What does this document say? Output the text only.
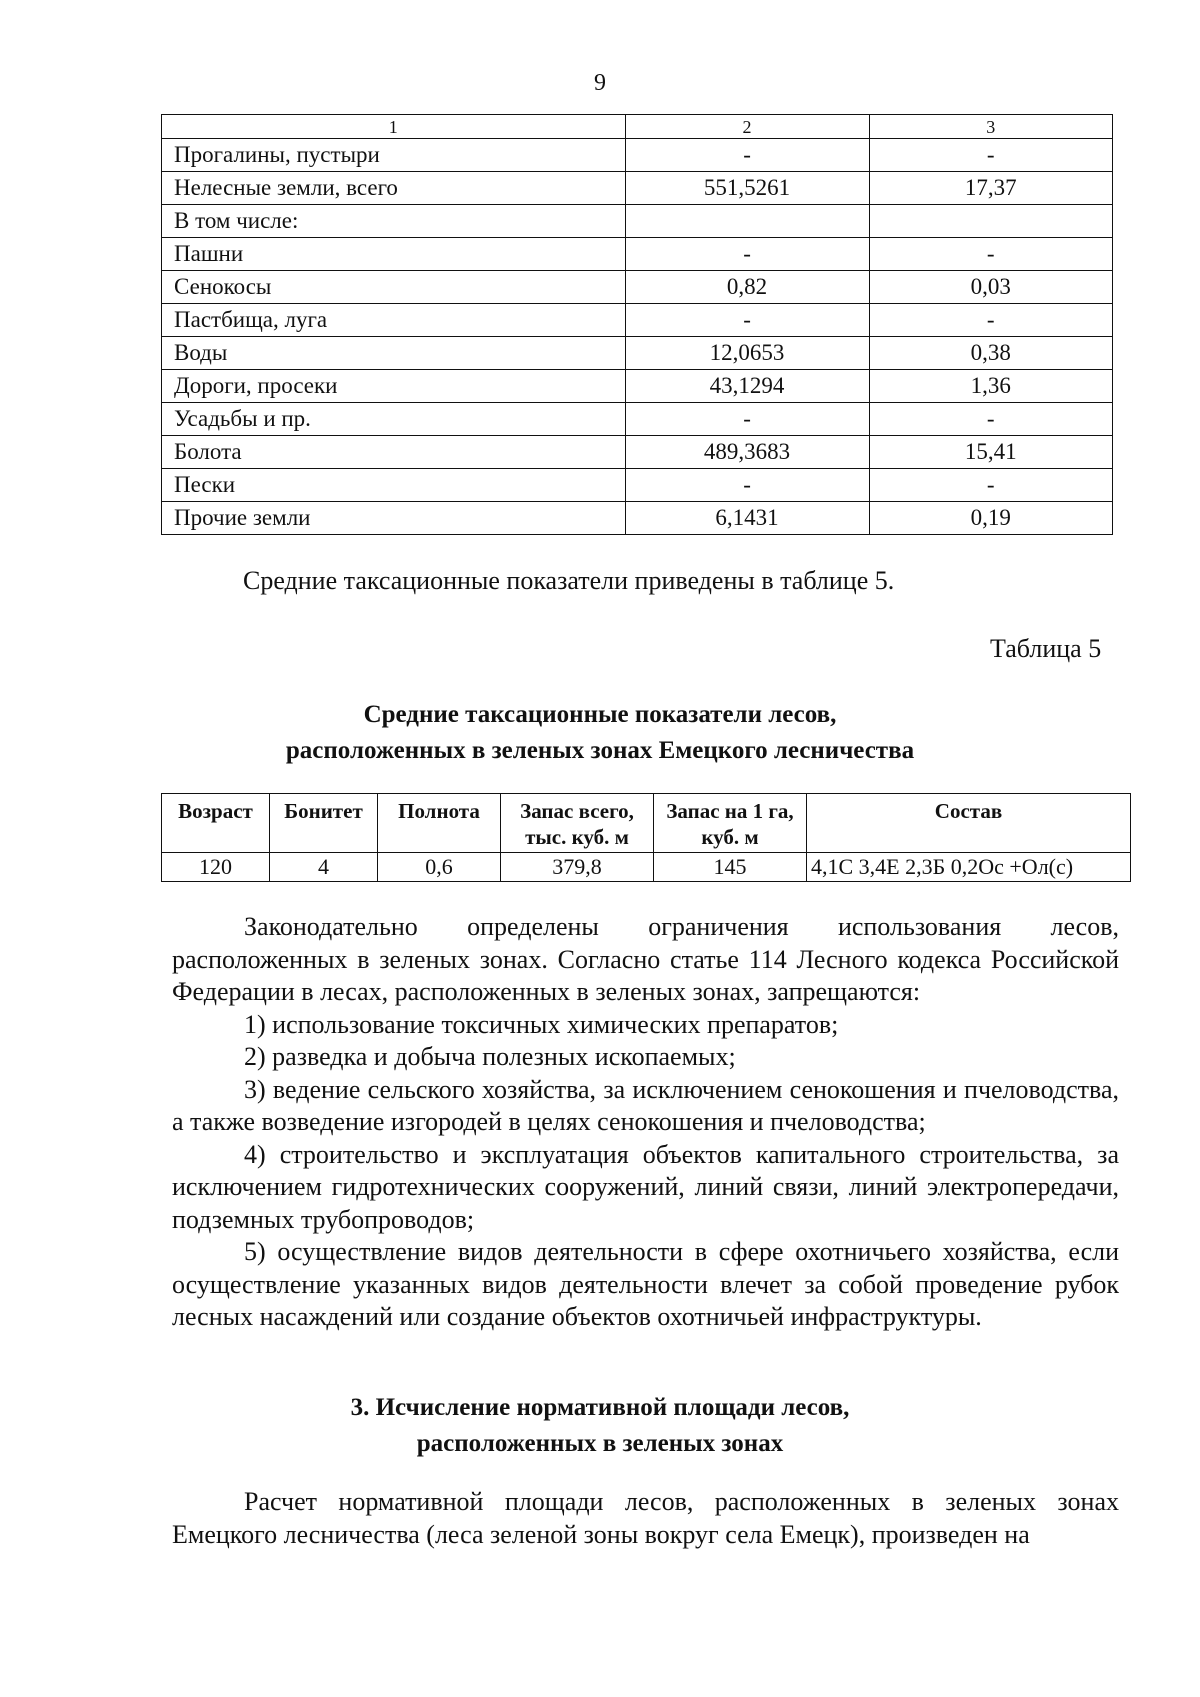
9
1	2	3
Прогалины, пустыри	-	-
Нелесные земли, всего	551,5261	17,37
В том числе:		
Пашни	-	-
Сенокосы	0,82	0,03
Пастбища, луга	-	-
Воды	12,0653	0,38
Дороги, просеки	43,1294	1,36
Усадьбы и пр.	-	-
Болота	489,3683	15,41
Пески	-	-
Прочие земли	6,1431	0,19
Средние таксационные показатели приведены в таблице 5.
Таблица 5
Средние таксационные показатели лесов,
расположенных в зеленых зонах Емецкого лесничества
Возраст	Бонитет	Полнота	Запас всего, тыс. куб. м	Запас на 1 га, куб. м	Состав
120	4	0,6	379,8	145	4,1С 3,4Е 2,3Б 0,2Ос +Ол(с)

Законодательно определены ограничения использования лесов, расположенных в зеленых зонах. Согласно статье 114 Лесного кодекса Российской Федерации в лесах, расположенных в зеленых зонах, запрещаются:

1) использование токсичных химических препаратов;

2) разведка и добыча полезных ископаемых;

3) ведение сельского хозяйства, за исключением сенокошения и пчеловодства, а также возведение изгородей в целях сенокошения и пчеловодства;

4) строительство и эксплуатация объектов капитального строительства, за исключением гидротехнических сооружений, линий связи, линий электропередачи, подземных трубопроводов;

5) осуществление видов деятельности в сфере охотничьего хозяйства, если осуществление указанных видов деятельности влечет за собой проведение рубок лесных насаждений или создание объектов охотничьей инфраструктуры.

3. Исчисление нормативной площади лесов,
расположенных в зеленых зонах

Расчет нормативной площади лесов, расположенных в зеленых зонах Емецкого лесничества (леса зеленой зоны вокруг села Емецк), произведен на
